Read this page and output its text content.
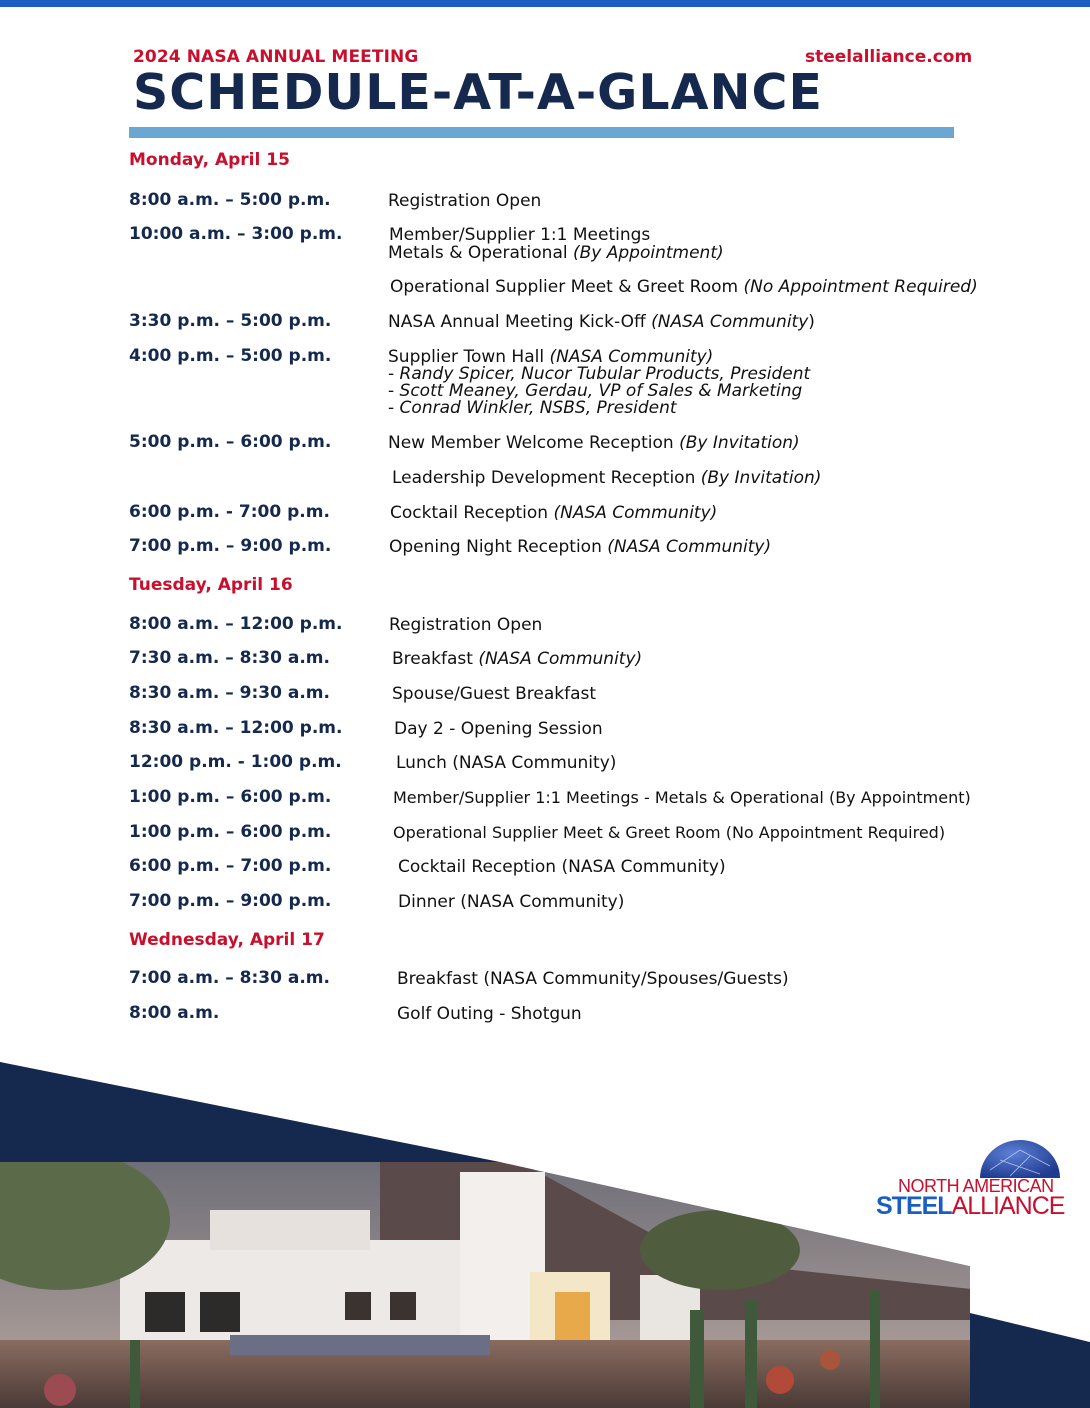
2024 NASA ANNUAL MEETING	steelalliance.com
SCHEDULE-AT-A-GLANCE
Monday, April 15
8:00 a.m. – 5:00 p.m.	Registration Open
10:00 a.m. – 3:00 p.m.	Member/Supplier 1:1 Meetings
Metals & Operational (By Appointment)
Operational Supplier Meet & Greet Room (No Appointment Required)
3:30 p.m. – 5:00 p.m.	NASA Annual Meeting Kick-Off (NASA Community)
4:00 p.m. – 5:00 p.m.	Supplier Town Hall (NASA Community)
- Randy Spicer, Nucor Tubular Products, President
- Scott Meaney, Gerdau, VP of Sales & Marketing
- Conrad Winkler, NSBS, President
5:00 p.m. – 6:00 p.m.	New Member Welcome Reception (By Invitation)
Leadership Development Reception (By Invitation)
6:00 p.m. - 7:00 p.m.	Cocktail Reception (NASA Community)
7:00 p.m. – 9:00 p.m.	Opening Night Reception (NASA Community)
Tuesday, April 16
8:00 a.m. – 12:00 p.m.	Registration Open
7:30 a.m. – 8:30 a.m.	Breakfast (NASA Community)
8:30 a.m. – 9:30 a.m.	Spouse/Guest Breakfast
8:30 a.m. – 12:00 p.m.	Day 2 - Opening Session
12:00 p.m. - 1:00 p.m.	Lunch (NASA Community)
1:00 p.m. – 6:00 p.m.	Member/Supplier 1:1 Meetings - Metals & Operational (By Appointment)
1:00 p.m. – 6:00 p.m.	Operational Supplier Meet & Greet Room (No Appointment Required)
6:00 p.m. – 7:00 p.m.	Cocktail Reception (NASA Community)
7:00 p.m. – 9:00 p.m.	Dinner (NASA Community)
Wednesday, April 17
7:00 a.m. – 8:30 a.m.	Breakfast (NASA Community/Spouses/Guests)
8:00 a.m.	Golf Outing - Shotgun
NORTH AMERICAN
STEELALLIANCE
